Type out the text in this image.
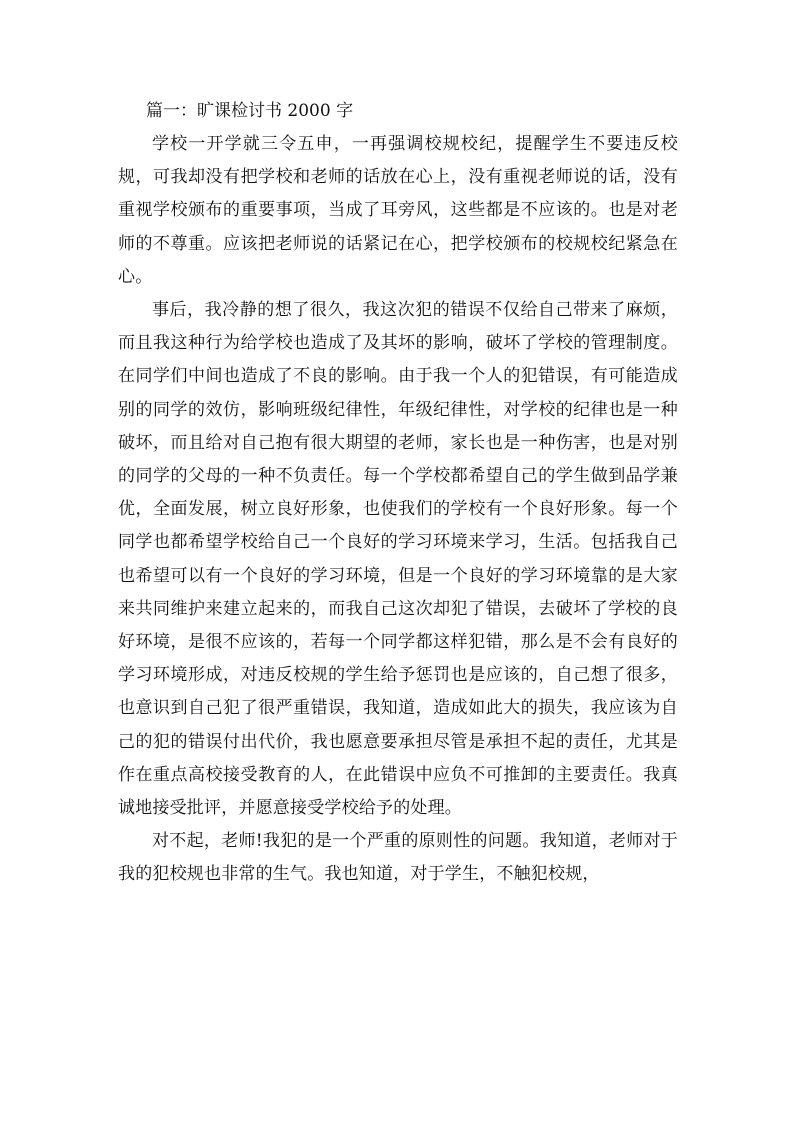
篇一：旷课检讨书 2000 字

学校一开学就三令五申，一再强调校规校纪，提醒学生不要违反校规，可我却没有把学校和老师的话放在心上，没有重视老师说的话，没有重视学校颁布的重要事项，当成了耳旁风，这些都是不应该的。也是对老师的不尊重。应该把老师说的话紧记在心，把学校颁布的校规校纪紧急在心。

事后，我冷静的想了很久，我这次犯的错误不仅给自己带来了麻烦，而且我这种行为给学校也造成了及其坏的影响，破坏了学校的管理制度。在同学们中间也造成了不良的影响。由于我一个人的犯错误，有可能造成别的同学的效仿，影响班级纪律性，年级纪律性，对学校的纪律也是一种破坏，而且给对自己抱有很大期望的老师，家长也是一种伤害，也是对别的同学的父母的一种不负责任。每一个学校都希望自己的学生做到品学兼优，全面发展，树立良好形象，也使我们的学校有一个良好形象。每一个同学也都希望学校给自己一个良好的学习环境来学习，生活。包括我自己也希望可以有一个良好的学习环境，但是一个良好的学习环境靠的是大家来共同维护来建立起来的，而我自己这次却犯了错误，去破坏了学校的良好环境，是很不应该的，若每一个同学都这样犯错，那么是不会有良好的学习环境形成，对违反校规的学生给予惩罚也是应该的，自己想了很多，也意识到自己犯了很严重错误，我知道，造成如此大的损失，我应该为自己的犯的错误付出代价，我也愿意要承担尽管是承担不起的责任，尤其是作在重点高校接受教育的人，在此错误中应负不可推卸的主要责任。我真诚地接受批评，并愿意接受学校给予的处理。

对不起，老师!我犯的是一个严重的原则性的问题。我知道，老师对于我的犯校规也非常的生气。我也知道，对于学生，不触犯校规，
